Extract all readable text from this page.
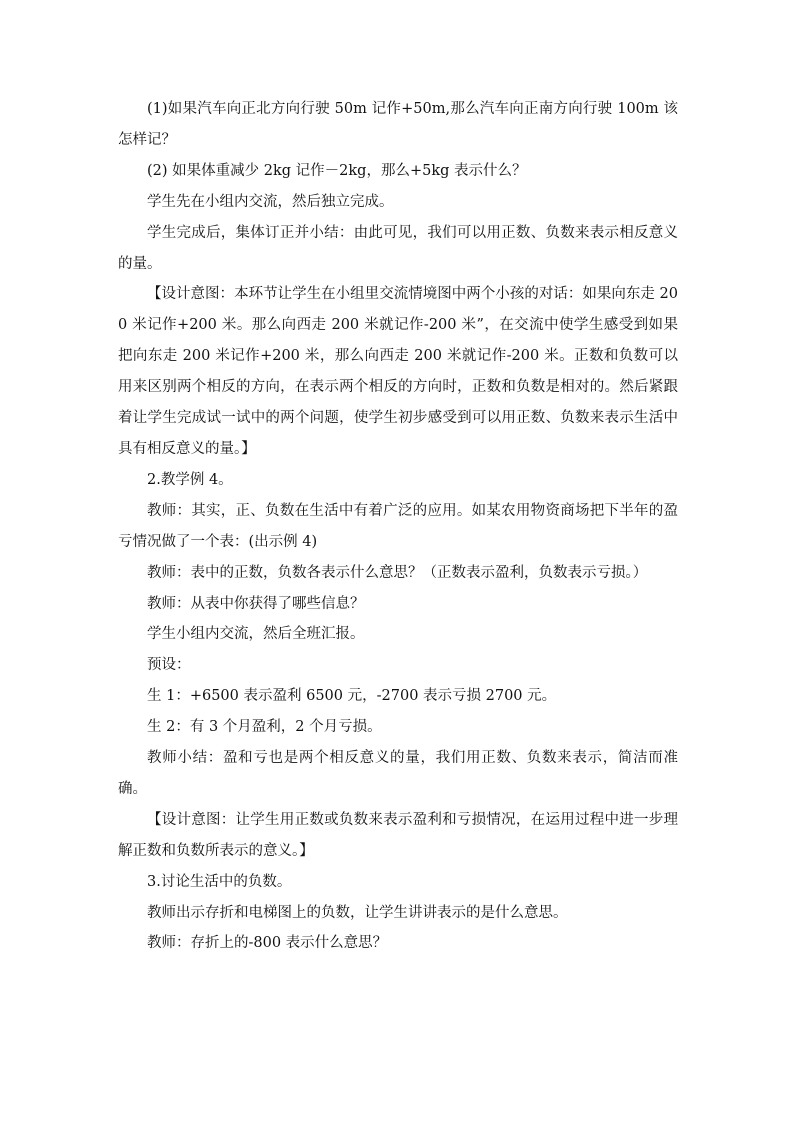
(1)如果汽车向正北方向行驶 50m 记作+50m,那么汽车向正南方向行驶 100m 该怎样记？

(2) 如果体重减少 2kg 记作－2kg，那么+5kg 表示什么？

学生先在小组内交流，然后独立完成。

学生完成后，集体订正并小结：由此可见，我们可以用正数、负数来表示相反意义的量。

【设计意图：本环节让学生在小组里交流情境图中两个小孩的对话：如果向东走 200 米记作+200 米。那么向西走 200 米就记作-200 米”，在交流中使学生感受到如果把向东走 200 米记作+200 米，那么向西走 200 米就记作-200 米。正数和负数可以用来区别两个相反的方向，在表示两个相反的方向时，正数和负数是相对的。然后紧跟着让学生完成试一试中的两个问题，使学生初步感受到可以用正数、负数来表示生活中具有相反意义的量。】

2.教学例 4。

教师：其实，正、负数在生活中有着广泛的应用。如某农用物资商场把下半年的盈亏情况做了一个表：(出示例 4)

教师：表中的正数，负数各表示什么意思？（正数表示盈利，负数表示亏损。）

教师：从表中你获得了哪些信息？

学生小组内交流，然后全班汇报。

预设：

生 1：+6500 表示盈利 6500 元，-2700 表示亏损 2700 元。

生 2：有 3 个月盈利，2 个月亏损。

教师小结：盈和亏也是两个相反意义的量，我们用正数、负数来表示，简洁而准确。

【设计意图：让学生用正数或负数来表示盈利和亏损情况，在运用过程中进一步理解正数和负数所表示的意义。】

3.讨论生活中的负数。

教师出示存折和电梯图上的负数，让学生讲讲表示的是什么意思。

教师：存折上的-800 表示什么意思？
